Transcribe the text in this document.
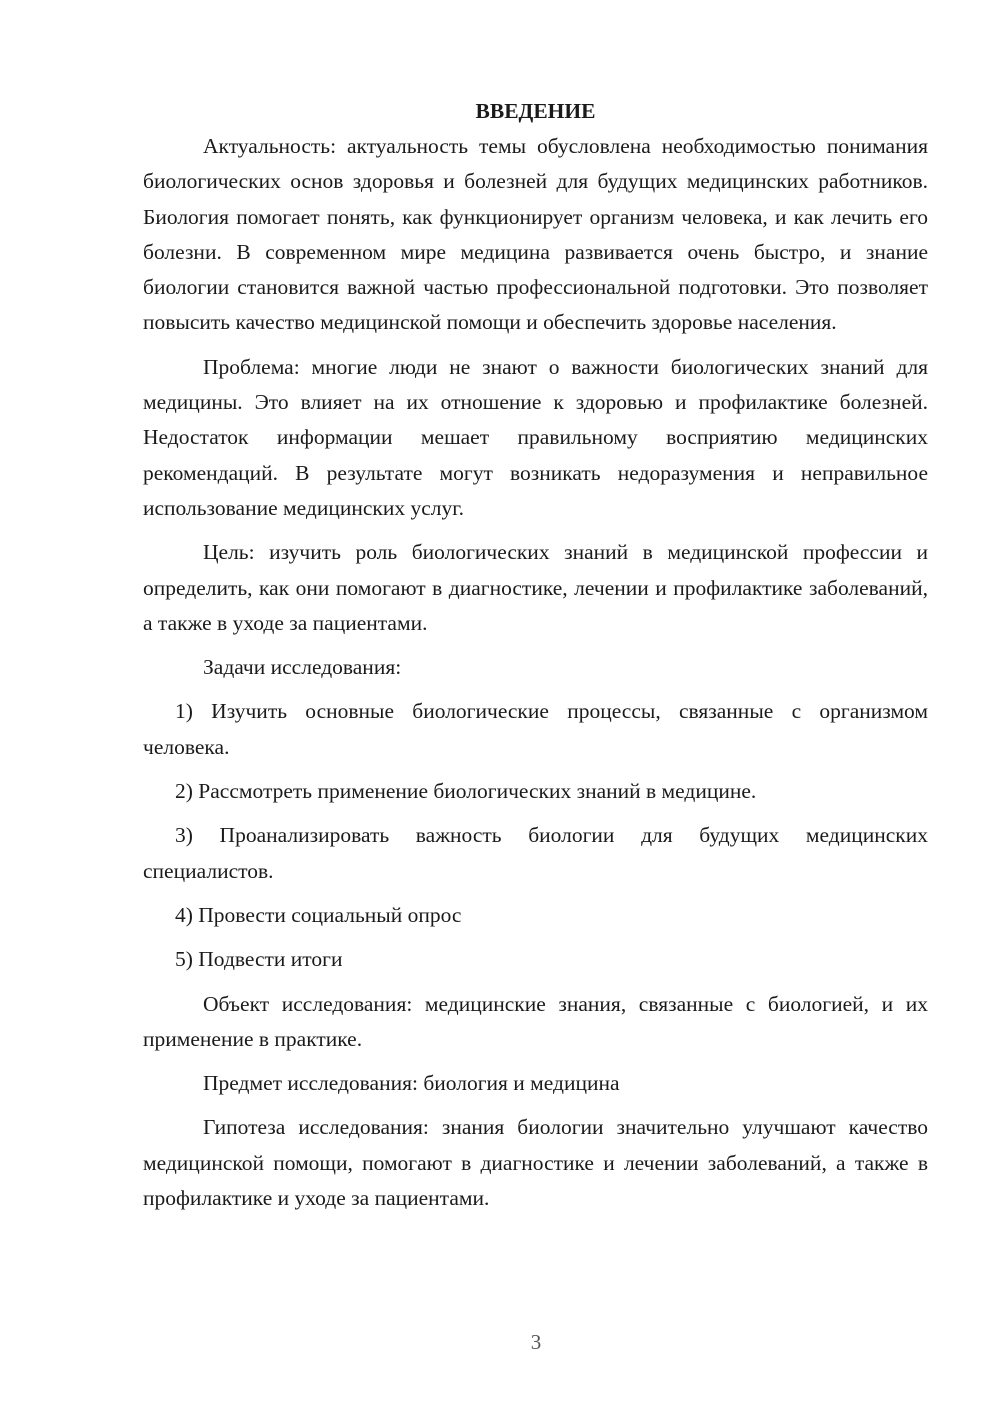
ВВЕДЕНИЕ

Актуальность: актуальность темы обусловлена необходимостью понимания биологических основ здоровья и болезней для будущих медицинских работников. Биология помогает понять, как функционирует организм человека, и как лечить его болезни. В современном мире медицина развивается очень быстро, и знание биологии становится важной частью профессиональной подготовки. Это позволяет повысить качество медицинской помощи и обеспечить здоровье населения.

Проблема: многие люди не знают о важности биологических знаний для медицины. Это влияет на их отношение к здоровью и профилактике болезней. Недостаток информации мешает правильному восприятию медицинских рекомендаций. В результате могут возникать недоразумения и неправильное использование медицинских услуг.

Цель: изучить роль биологических знаний в медицинской профессии и определить, как они помогают в диагностике, лечении и профилактике заболеваний, а также в уходе за пациентами.

Задачи исследования:

1) Изучить основные биологические процессы, связанные с организмом человека.

2) Рассмотреть применение биологических знаний в медицине.

3) Проанализировать важность биологии для будущих медицинских специалистов.

4) Провести социальный опрос

5) Подвести итоги

Объект исследования: медицинские знания, связанные с биологией, и их применение в практике.

Предмет исследования: биология и медицина

Гипотеза исследования: знания биологии значительно улучшают качество медицинской помощи, помогают в диагностике и лечении заболеваний, а также в профилактике и уходе за пациентами.

3
